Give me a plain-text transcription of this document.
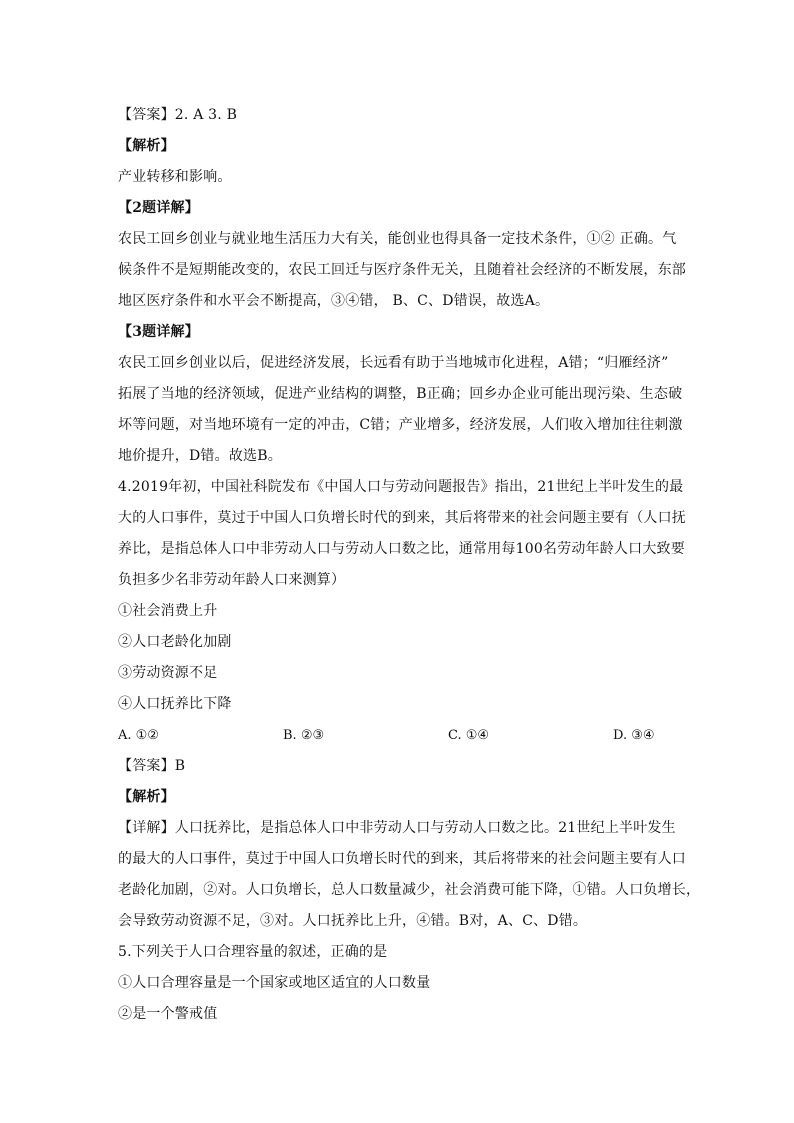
【答案】2. A 3. B
【解析】
产业转移和影响。
【2题详解】
农民工回乡创业与就业地生活压力大有关，能创业也得具备一定技术条件，①② 正确。气
候条件不是短期能改变的，农民工回迁与医疗条件无关，且随着社会经济的不断发展，东部
地区医疗条件和水平会不断提高，③④错， B、C、D错误，故选A。
【3题详解】
农民工回乡创业以后，促进经济发展，长远看有助于当地城市化进程，A错；“归雁经济”
拓展了当地的经济领域，促进产业结构的调整，B正确；回乡办企业可能出现污染、生态破
坏等问题，对当地环境有一定的冲击，C错；产业增多，经济发展，人们收入增加往往刺激
地价提升，D错。故选B。
4.2019年初，中国社科院发布《中国人口与劳动问题报告》指出，21世纪上半叶发生的最
大的人口事件，莫过于中国人口负增长时代的到来，其后将带来的社会问题主要有（人口抚
养比，是指总体人口中非劳动人口与劳动人口数之比，通常用每100名劳动年龄人口大致要
负担多少名非劳动年龄人口来测算）
①社会消费上升
②人口老龄化加剧
③劳动资源不足
④人口抚养比下降
A. ①②	B. ②③	C. ①④	D. ③④
【答案】B
【解析】
【详解】人口抚养比，是指总体人口中非劳动人口与劳动人口数之比。21世纪上半叶发生
的最大的人口事件，莫过于中国人口负增长时代的到来，其后将带来的社会问题主要有人口
老龄化加剧，②对。人口负增长，总人口数量减少，社会消费可能下降，①错。人口负增长，
会导致劳动资源不足，③对。人口抚养比上升，④错。B对，A、C、D错。
5.下列关于人口合理容量的叙述，正确的是
①人口合理容量是一个国家或地区适宜的人口数量
②是一个警戒值
